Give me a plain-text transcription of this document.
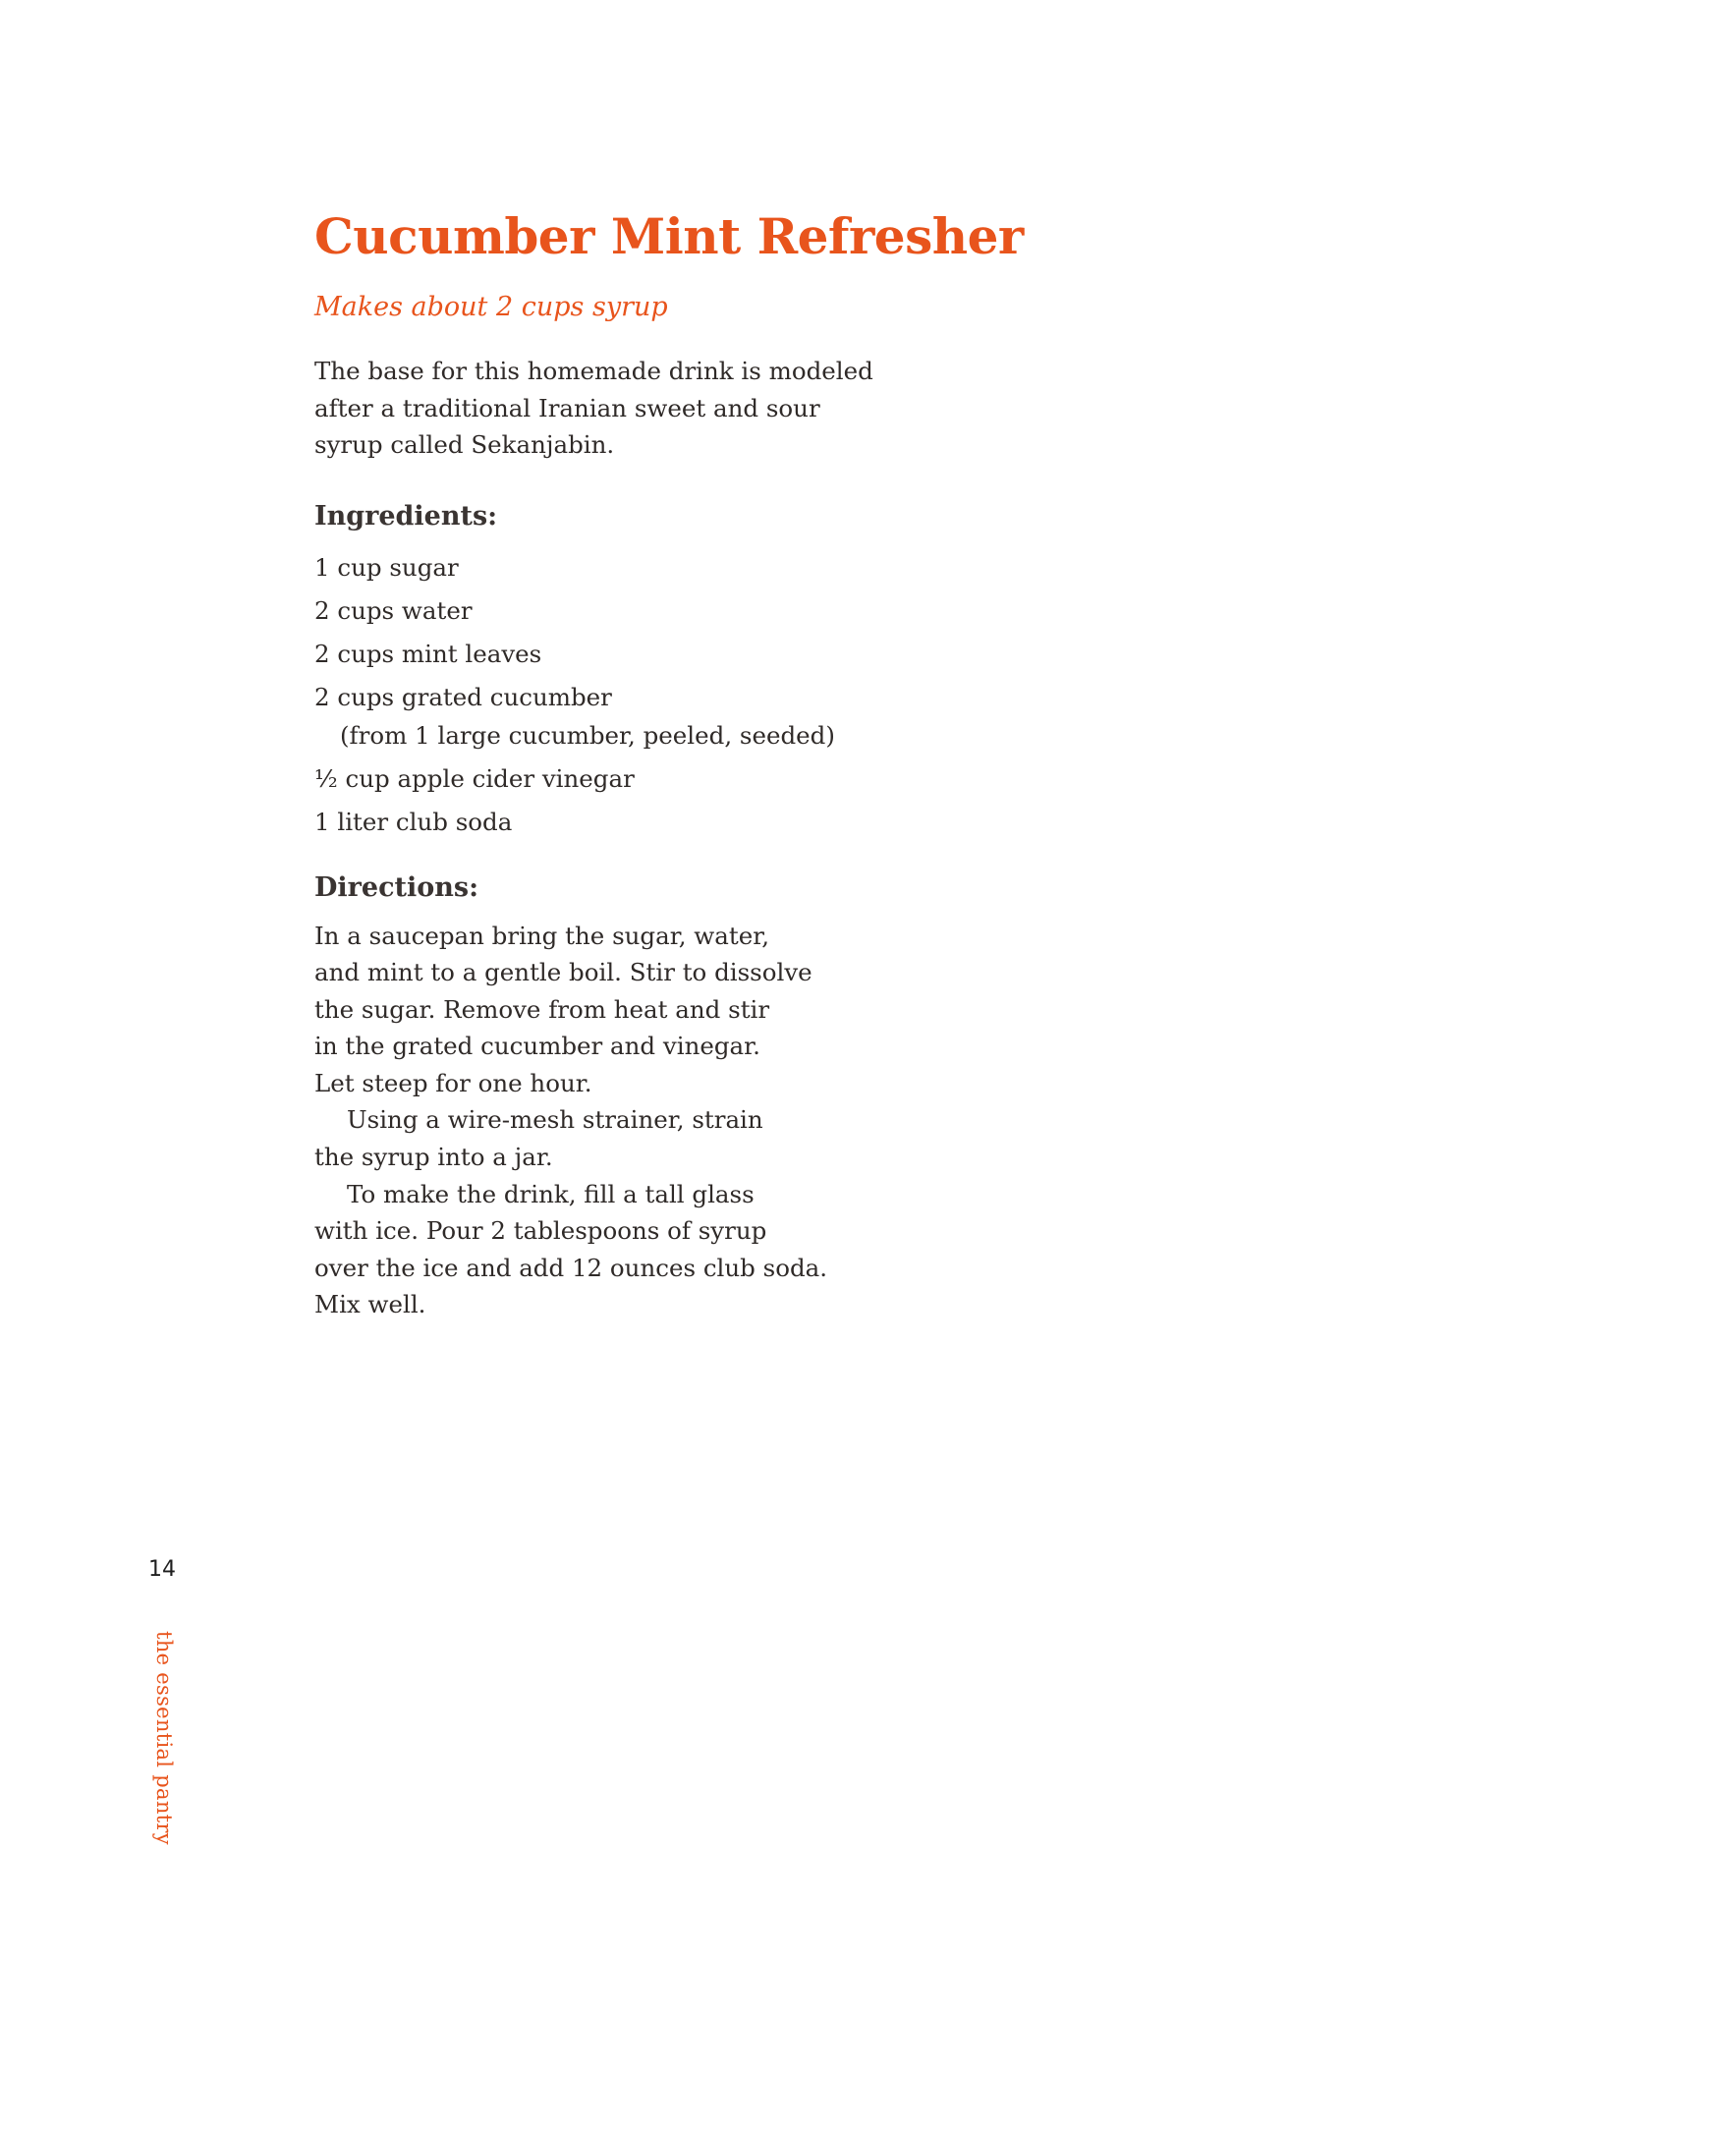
Cucumber Mint Refresher

Makes about 2 cups syrup

The base for this homemade drink is modeled
after a traditional Iranian sweet and sour
syrup called Sekanjabin.

Ingredients:
1 cup sugar
2 cups water
2 cups mint leaves
2 cups grated cucumber
(from 1 large cucumber, peeled, seeded)
½ cup apple cider vinegar
1 liter club soda
Directions:

In a saucepan bring the sugar, water,
and mint to a gentle boil. Stir to dissolve
the sugar. Remove from heat and stir
in the grated cucumber and vinegar.
Let steep for one hour.

Using a wire-mesh strainer, strain
the syrup into a jar.

To make the drink, fill a tall glass
with ice. Pour 2 tablespoons of syrup
over the ice and add 12 ounces club soda.
Mix well.

14
the essential pantry
